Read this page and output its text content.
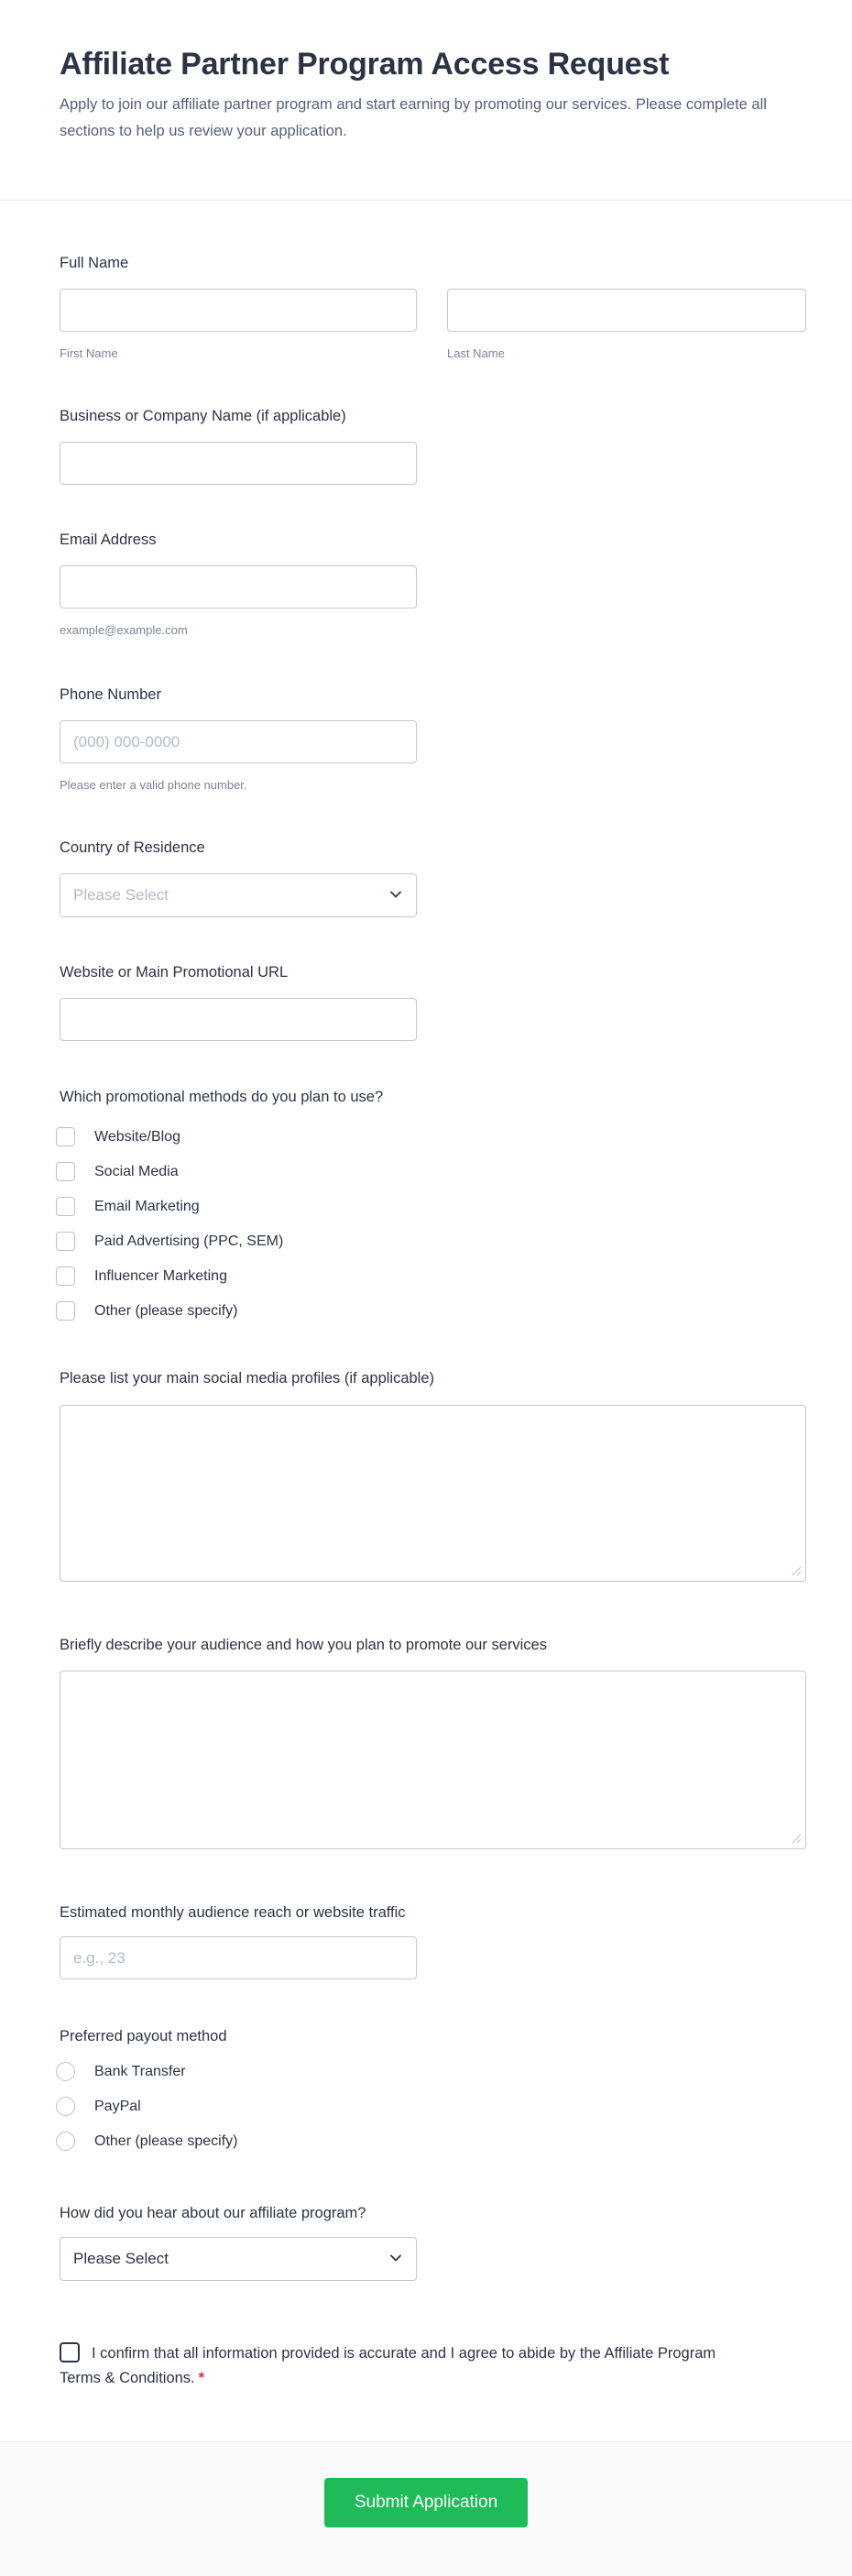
Affiliate Partner Program Access Request
Apply to join our affiliate partner program and start earning by promoting our services. Please complete all sections to help us review your application.
Full Name
First Name	Last Name
Business or Company Name (if applicable)
Email Address
example@example.com
Phone Number
(000) 000-0000
Please enter a valid phone number.
Country of Residence
Please Select
Website or Main Promotional URL
Which promotional methods do you plan to use?
Website/Blog
Social Media
Email Marketing
Paid Advertising (PPC, SEM)
Influencer Marketing
Other (please specify)
Please list your main social media profiles (if applicable)
Briefly describe your audience and how you plan to promote our services
Estimated monthly audience reach or website traffic
e.g., 23
Preferred payout method
Bank Transfer
PayPal
Other (please specify)
How did you hear about our affiliate program?
Please Select
I confirm that all information provided is accurate and I agree to abide by the Affiliate Program Terms & Conditions. *
Submit Application
